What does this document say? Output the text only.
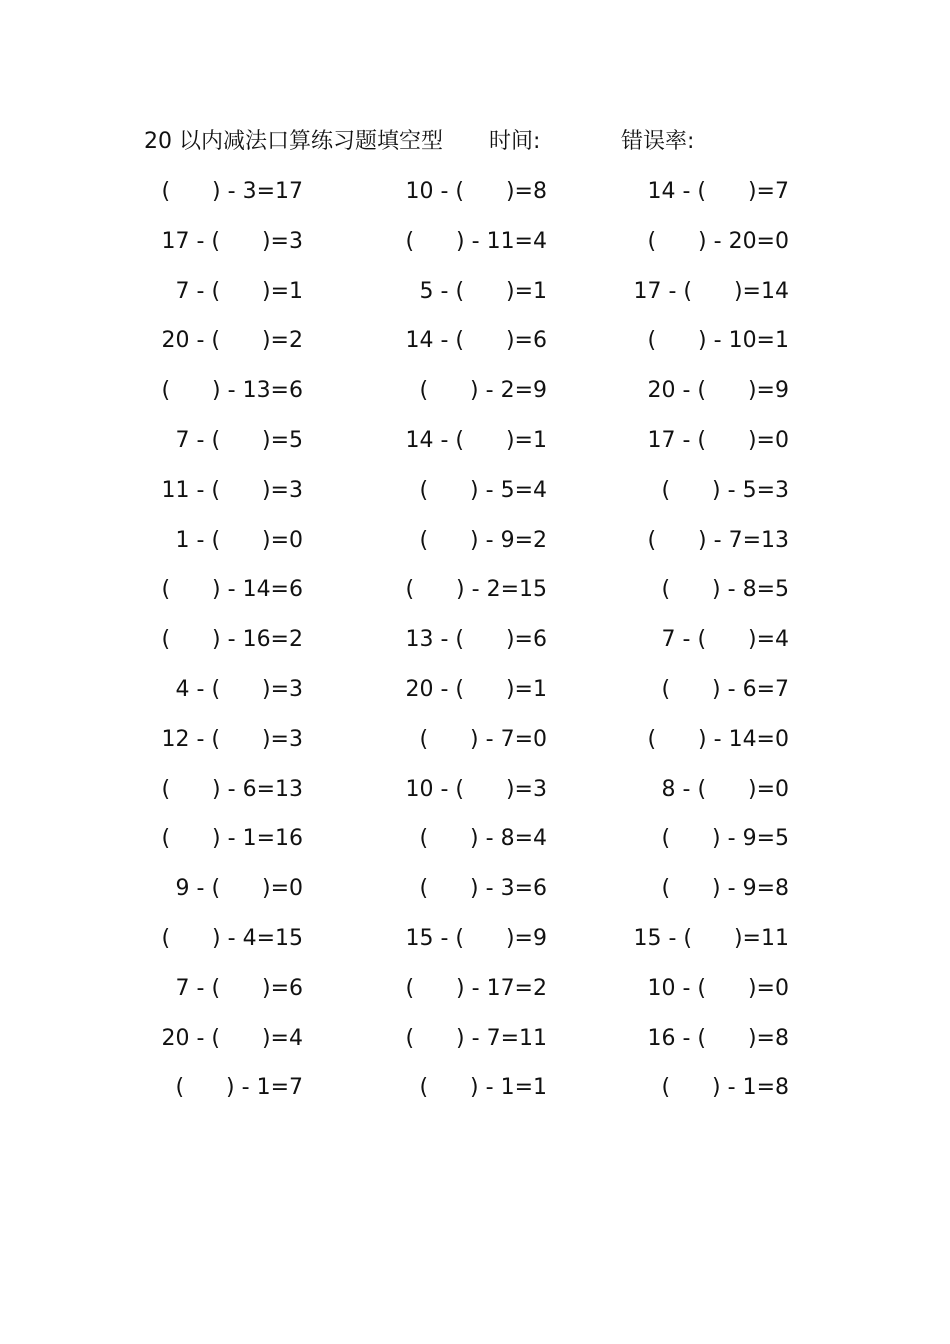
20 以内减法口算练习题填空型 时间:	错误率:
(      ) - 3=17	10 - (      )=8	14 - (      )=7
17 - (      )=3	(      ) - 11=4	(      ) - 20=0
7 - (      )=1	5 - (      )=1	17 - (      )=14
20 - (      )=2	14 - (      )=6	(      ) - 10=1
(      ) - 13=6	(      ) - 2=9	20 - (      )=9
7 - (      )=5	14 - (      )=1	17 - (      )=0
11 - (      )=3	(      ) - 5=4	(      ) - 5=3
1 - (      )=0	(      ) - 9=2	(      ) - 7=13
(      ) - 14=6	(      ) - 2=15	(      ) - 8=5
(      ) - 16=2	13 - (      )=6	7 - (      )=4
4 - (      )=3	20 - (      )=1	(      ) - 6=7
12 - (      )=3	(      ) - 7=0	(      ) - 14=0
(      ) - 6=13	10 - (      )=3	8 - (      )=0
(      ) - 1=16	(      ) - 8=4	(      ) - 9=5
9 - (      )=0	(      ) - 3=6	(      ) - 9=8
(      ) - 4=15	15 - (      )=9	15 - (      )=11
7 - (      )=6	(      ) - 17=2	10 - (      )=0
20 - (      )=4	(      ) - 7=11	16 - (      )=8
(      ) - 1=7	(      ) - 1=1	(      ) - 1=8
